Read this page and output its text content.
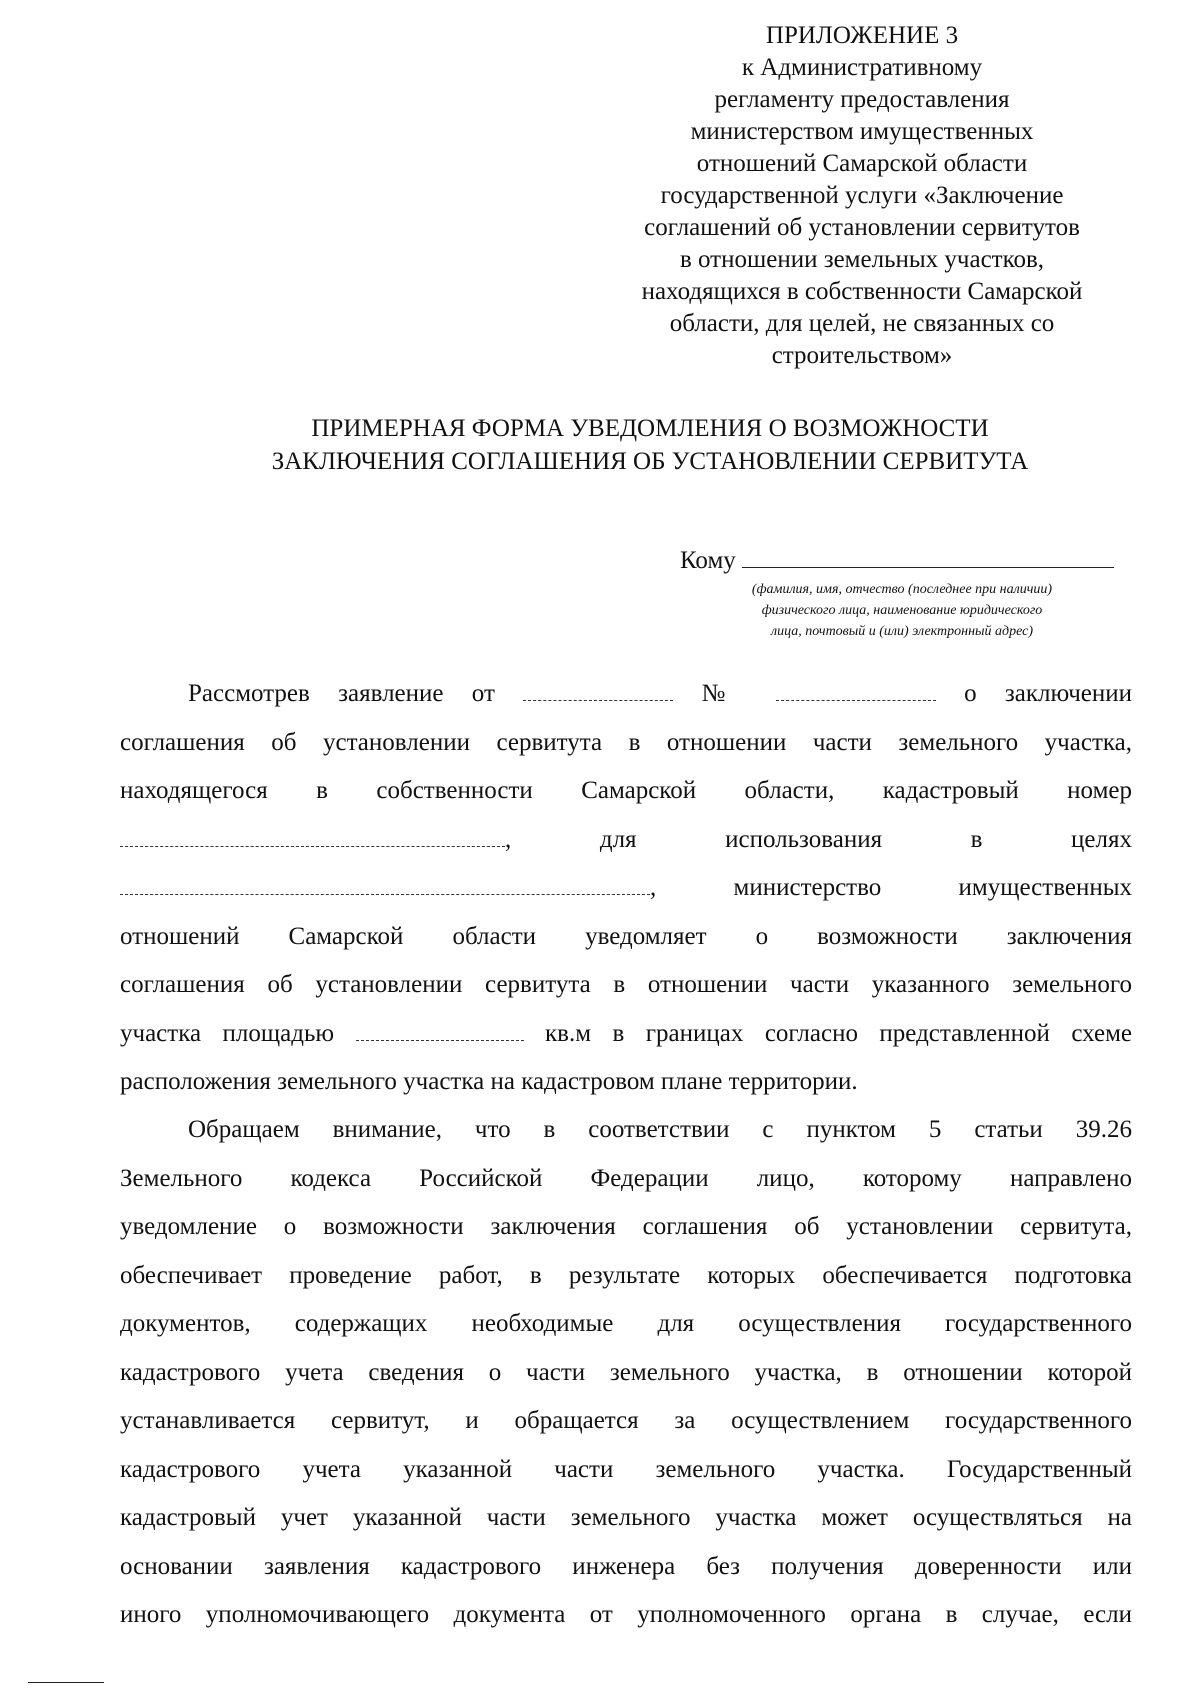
ПРИЛОЖЕНИЕ 3
к Административному
регламенту предоставления
министерством имущественных
отношений Самарской области
государственной услуги «Заключение
соглашений об установлении сервитутов
в отношении земельных участков,
находящихся в собственности Самарской
области, для целей, не связанных со
строительством»
ПРИМЕРНАЯ ФОРМА УВЕДОМЛЕНИЯ О ВОЗМОЖНОСТИ
ЗАКЛЮЧЕНИЯ СОГЛАШЕНИЯ ОБ УСТАНОВЛЕНИИ СЕРВИТУТА
Кому
(фамилия, имя, отчество (последнее при наличии)
физического лица, наименование юридического
лица, почтовый и (или) электронный адрес)
Рассмотрев заявление от	№	о заключении
соглашения об установлении сервитута в отношении части земельного участка,
находящегося в собственности Самарской области, кадастровый номер
,	для использования в целях
,	министерство имущественных
отношений Самарской области уведомляет о возможности заключения
соглашения об установлении сервитута в отношении части указанного земельного
участка площадью	кв.м в границах согласно представленной схеме
расположения земельного участка на кадастровом плане территории.
Обращаем внимание, что в соответствии с пунктом 5 статьи 39.26
Земельного кодекса Российской Федерации лицо, которому направлено
уведомление о возможности заключения соглашения об установлении сервитута,
обеспечивает проведение работ, в результате которых обеспечивается подготовка
документов, содержащих необходимые для осуществления государственного
кадастрового учета сведения о части земельного участка, в отношении которой
устанавливается сервитут, и обращается за осуществлением государственного
кадастрового учета указанной части земельного участка. Государственный
кадастровый учет указанной части земельного участка может осуществляться на
основании заявления кадастрового инженера без получения доверенности или
иного уполномочивающего документа от уполномоченного органа в случае, если
